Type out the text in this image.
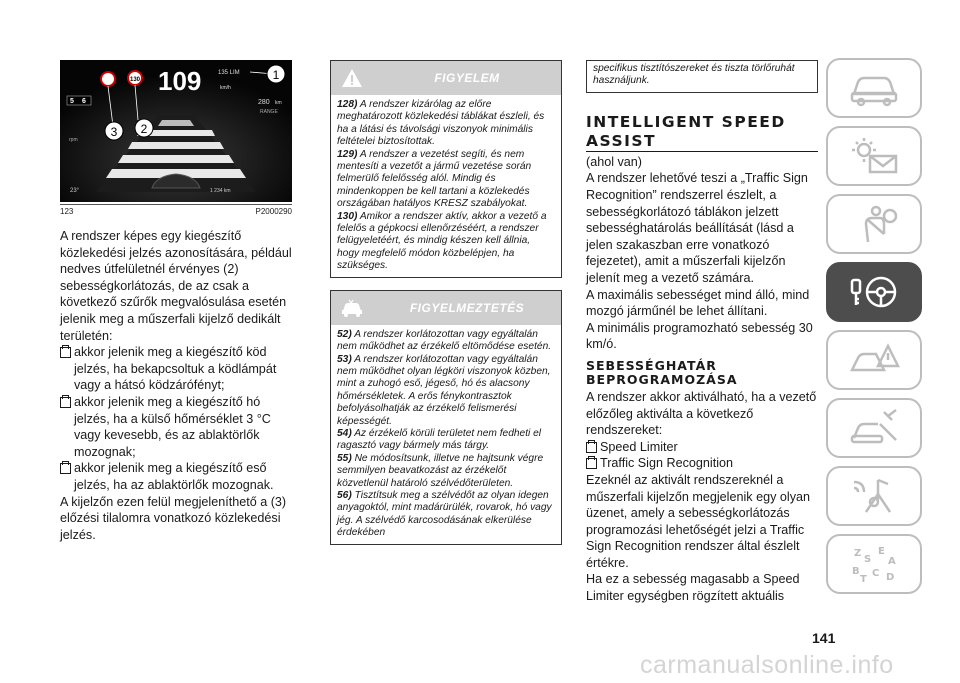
130 109	135 LIM
km/h
280 km
RANGE
5 6
rpm
23°	1 234 km
1
2
3
123	P2000290

A rendszer képes egy kiegészítő közlekedési jelzés azonosítására, például nedves útfelületnél érvényes (2) sebességkorlátozás, de az csak a következő szűrők megvalósulása esetén jelenik meg a műszerfali kijelző dedikált területén:

akkor jelenik meg a kiegészítő köd jelzés, ha bekapcsoltuk a ködlámpát vagy a hátsó ködzárófényt;
akkor jelenik meg a kiegészítő hó jelzés, ha a külső hőmérséklet 3 °C vagy kevesebb, és az ablaktörlők mozognak;
akkor jelenik meg a kiegészítő eső jelzés, ha az ablaktörlők mozognak.

A kijelzőn ezen felül megjeleníthető a (3) előzési tilalomra vonatkozó közlekedési jelzés.

FIGYELEM

128) A rendszer kizárólag az előre meghatározott közlekedési táblákat észleli, és ha a látási és távolsági viszonyok minimális feltételei biztosítottak.

129) A rendszer a vezetést segíti, és nem mentesíti a vezetőt a jármű vezetése során felmerülő felelősség alól. Mindig és mindenkoppen be kell tartani a közlekedés országában hatályos KRESZ szabályokat.

130) Amikor a rendszer aktív, akkor a vezető a felelős a gépkocsi ellenőrzéséért, a rendszer felügyeletéért, és mindig készen kell állnia, hogy megfelelő módon közbelépjen, ha szükséges.

FIGYELMEZTETÉS

52) A rendszer korlátozottan vagy egyáltalán nem működhet az érzékelő eltömődése esetén.

53) A rendszer korlátozottan vagy egyáltalán nem működhet olyan légköri viszonyok közben, mint a zuhogó eső, jégeső, hó és alacsony hőmérsékletek. A erős fénykontrasztok befolyásolhatják az érzékelő felismerési képességét.

54) Az érzékelő körüli területet nem fedheti el ragasztó vagy bármely más tárgy.

55) Ne módosítsunk, illetve ne hajtsunk végre semmilyen beavatkozást az érzékelőt közvetlenül határoló szélvédőterületen.

56) Tisztítsuk meg a szélvédőt az olyan idegen anyagoktól, mint madárürülék, rovarok, hó vagy jég. A szélvédő karcosodásának elkerülése érdekében

specifikus tisztítószereket és tiszta törlőruhát használjunk.
INTELLIGENT SPEED ASSIST

(ahol van)

A rendszer lehetővé teszi a „Traffic Sign Recognition” rendszerrel észlelt, a sebességkorlátozó táblákon jelzett sebességhatárolás beállítását (lásd a jelen szakaszban erre vonatkozó fejezetet), amit a műszerfali kijelzőn jelenít meg a vezető számára.

A maximális sebességet mind álló, mind mozgó járműnél be lehet állítani.

A minimális programozható sebesség 30 km/ó.

SEBESSÉGHATÁR BEPROGRAMOZÁSA

A rendszer akkor aktiválható, ha a vezető előzőleg aktiválta a következő rendszereket:

Speed Limiter
Traffic Sign Recognition

Ezeknél az aktivált rendszereknél a műszerfali kijelzőn megjelenik egy olyan üzenet, amely a sebességkorlátozás programozási lehetőségét jelzi a Traffic Sign Recognition rendszer által észlelt értékre.

Ha ez a sebesség magasabb a Speed Limiter egységben rögzített aktuális

Z E
S A
B C
T D
141
carmanualsonline.info
